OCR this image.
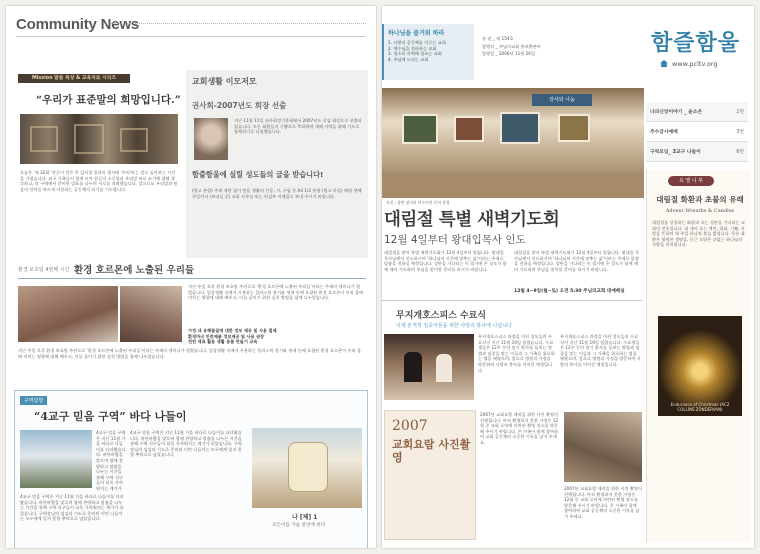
Community News
Mission 말씀 묵상 & 교육자료 시리즈
“우리가 표준말의 희망입니다.”
오늘은 '제 32회' 한글이 얻은 큰 감사절 통과의 행사에 '우리'라는 말로 돌아보는 시간을 가졌습니다. 교구 가족들이 함께 모여 한글의 소중함과 우리말 바로 쓰기에 대해 생각하고, 각 구역에서 준비한 발표를 나누며 서로를 격려했습니다. 앞으로도 우리말과 믿음의 언어를 바르게 사용하는 공동체가 되기를 기도합니다.
교회생활 이모저모
권사회-2007년도 회장 선출
지난 11월 11일 권사회정기총회에서 2007년도 신임 회장으로 선출되었습니다. 모든 회원들이 기쁨으로 축하하며 새해 사역을 위해 기도로 함께하기로 다짐했습니다.
함즐함울에 실릴 성도들의 글을 받습니다!
(원고 분량) 주제 제한 없이 믿음 생활의 간증, 시, 수필 등 A4 1/2 분량 (원고 마감) 매월 셋째 주일까지 (보내실 곳) 교회 사무실 또는 편집부 이메일로 보내 주시기 바랍니다.
환경 보호팀 4번째 시간 환경 호르몬에 노출된 우리들
지난 주일 오후 환경 보호팀 주관으로 '환경 호르몬에 노출된 우리들'이라는 주제의 세미나가 열렸습니다. 일상생활 속에서 사용하는 플라스틱 용기와 세제 등에 포함된 환경 호르몬이 우리 몸에 미치는 영향에 대해 배우고, 이를 줄이기 위한 실천 방법을 함께 나누었습니다.
가정 내 유해물질에 대한 정보 제공 및 사용 절제
환경마크 인증제품 정보제공 및 사용 권장
천연 재료 활용 생활 용품 만들기 교육
지난 주일 오후 환경 보호팀 주관으로 '환경 호르몬에 노출된 우리들'이라는 주제의 세미나가 열렸습니다. 일상생활 속에서 사용하는 플라스틱 용기와 세제 등에 포함된 환경 호르몬이 우리 몸에 미치는 영향에 대해 배우고, 이를 줄이기 위한 실천 방법을 함께 나누었습니다.
구역탐방
“4교구 믿음 구역” 바다 나들이
4교구 믿음 구역은 지난 11월 가을 바다로 나들이를 다녀왔습니다. 바닷바람을 맞으며 함께 찬양하고 말씀을 나누는 시간을 통해 구역 식구들이 더욱 가까워지는 계기가
4교구 믿음 구역은 지난 11월 가을 바다로 나들이를 다녀왔습니다. 바닷바람을 맞으며 함께 찬양하고 말씀을 나누는 시간을 통해 구역 식구들이 더욱 가까워지는 계기가 되었습니다. 구역장님의 섬김과 기도로 준비된 이번 나들이는 모두에게 잊지 못할 추억으로 남았습니다.
나 [체] 1
모든이를 가슴 중앙에 판다
4교구 믿음 구역은 지난 11월 가을 바다로 나들이를 다녀왔습니다. 바닷바람을 맞으며 함께 찬양하고 말씀을 나누는 시간을 통해 구역 식구들이 더욱 가까워지는 계기가 되었습니다. 구역장님의 섬김과 기도로 준비된 이번 나들이는 모두에게 잊지 못할 추억으로 남았습니다.
하나님을 즐거워 하라
1. 사랑의 공동체를 이루는 교회
2. 예수님을 전파하는 교회
3. 청소년 사역에 힘쓰는 교회
4. 주님께 드리는 교회
통 권 _ 제 154호
발행처 _ 주님의교회 홍보출판부
발행일 _ 2006년 11월 26일	함즐함울
www.pcltv.org
감사와 나눔
사진 : 성탄 장식이 어우러진 로비 풍경
나의신앙이야기 _ 윤소은	2면
추수감사예배	3면
구역모임_ 3교구 나들이	6면
대림절 특별 새벽기도회
12월 4일부터 왕대입목사 인도
대림절을 맞아 특별 새벽기도회가 12월 4일부터 열립니다. 왕대입 목사님께서 인도하시며 '하나님의 시간에 맞추는 삶'이라는 주제로 말씀을 전하실 예정입니다. 성탄을 기다리는 이 절기에 온 성도가 함께 깨어 기도하며 주님을 맞이할 준비를 하시기 바랍니다.
대림절을 맞아 특별 새벽기도회가 12월 4일부터 열립니다. 왕대입 목사님께서 인도하시며 '하나님의 시간에 맞추는 삶'이라는 주제로 말씀을 전하실 예정입니다. 성탄을 기다리는 이 절기에 온 성도가 함께 깨어 기도하며 주님을 맞이할 준비를 하시기 바랍니다.
12월 4~9일(월~토) 오전 5:30 주님의교회 대예배실
요 엘 니 투
대림절 화환과 초불의 유래
Advent Wreaths & Candles
대림절을 상징하는 화환과 초는 성탄을 기다리는 교회의 전통입니다. 네 개의 초는 예언, 평화, 기쁨, 사랑을 뜻하며 매 주일 하나씩 불을 밝힙니다. 푸른 화환은 영원한 생명을, 둥근 모양은 끝없는 하나님의 사랑을 의미합니다.
Endurance of Christmas (AC2 COLLINS ZONDERVAN)
무지개호스피스 수료식
이제 본격적 임종자들을 위한 사랑의 봉사에 나섭니다
무지개호스피스 과정을 마친 성도들의 수료식이 지난 11월 19일 열렸습니다. 수료생들은 12주 동안 말기 환자를 돌보는 방법과 임종을 맞는 이들과 그 가족을 위로하는 법을 배웠으며, 앞으로 병원과 가정을 방문하여 사랑의 봉사를 이어갈 예정입니다.
무지개호스피스 과정을 마친 성도들의 수료식이 지난 11월 19일 열렸습니다. 수료생들은 12주 동안 말기 환자를 돌보는 방법과 임종을 맞는 이들과 그 가족을 위로하는 법을 배웠으며, 앞으로 병원과 가정을 방문하여 사랑의 봉사를 이어갈 예정입니다.
2007
교회요람 사진촬영
2007년 교회요람 제작을 위한 사진 촬영이 진행됩니다. 아직 촬영하지 못한 가정은 12월 중 교회 로비에 마련된 촬영 장소를 방문해 주시기 바랍니다. 온 가족이 함께 참여하여 교회 공동체의 소중한 기록을 남겨 주세요.
2007년 교회요람 제작을 위한 사진 촬영이 진행됩니다. 아직 촬영하지 못한 가정은 12월 중 교회 로비에 마련된 촬영 장소를 방문해 주시기 바랍니다. 온 가족이 함께 참여하여 교회 공동체의 소중한 기록을 남겨 주세요.
